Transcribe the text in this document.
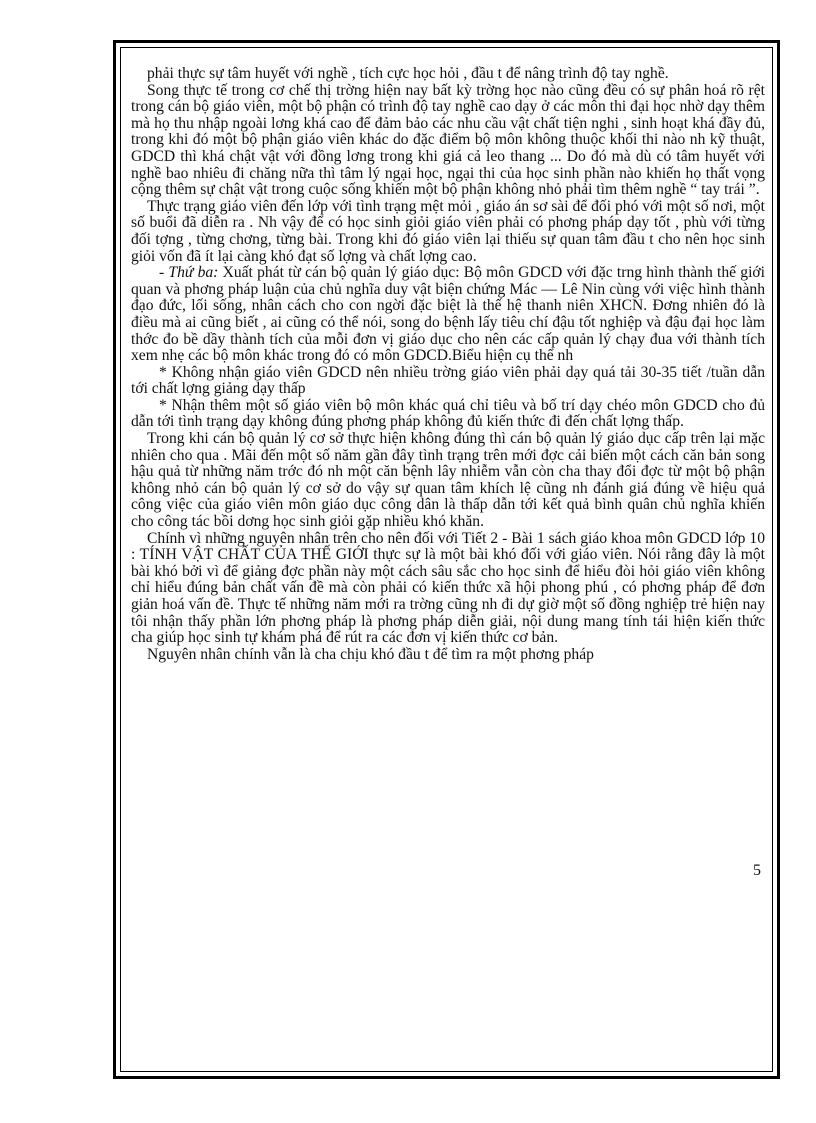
phải thực sự tâm huyết với nghề , tích cực học hỏi , đầu t để nâng trình độ tay nghề.

Song thực tế trong cơ chế thị trờng hiện nay bất kỳ trờng học nào cũng đều có sự phân hoá rõ rệt trong cán bộ giáo viên, một bộ phận có trình độ tay nghề cao dạy ở các môn thi đại học nhờ dạy thêm mà họ thu nhập ngoài lơng khá cao để đảm bảo các nhu cầu vật chất tiện nghi , sinh hoạt khá đầy đủ, trong khi đó một bộ phận giáo viên khác do đặc điểm bộ môn không thuộc khối thi nào nh kỹ thuật, GDCD thì khá chật vật với đồng lơng trong khi giá cả leo thang ... Do đó mà dù có tâm huyết với nghề bao nhiêu đi chăng nữa thì tâm lý ngại học, ngại thi của học sinh phần nào khiến họ thất vọng cộng thêm sự chật vật trong cuộc sống khiến một bộ phận không nhỏ phải tìm thêm nghề “ tay trái ”.

Thực trạng giáo viên đến lớp với tình trạng mệt mỏi , giáo án sơ sài để đối phó với một số nơi, một số buổi đã diễn ra . Nh vậy để có học sinh giỏi giáo viên phải có phơng pháp dạy tốt , phù với từng đối tợng , từng chơng, từng bài. Trong khi đó giáo viên lại thiếu sự quan tâm đầu t cho nên học sinh giỏi vốn đã ít lại càng khó đạt số lợng và chất lợng cao.

- Thứ ba: Xuất phát từ cán bộ quản lý giáo dục: Bộ môn GDCD với đặc trng hình thành thế giới quan và phơng pháp luận của chủ nghĩa duy vật biện chứng Mác — Lê Nin cùng với việc hình thành đạo đức, lối sống, nhân cách cho con ngời đặc biệt là thế hệ thanh niên XHCN. Đơng nhiên đó là điều mà ai cũng biết , ai cũng có thể nói, song do bệnh lấy tiêu chí đậu tốt nghiệp và đậu đại học làm thớc đo bề dầy thành tích của mỗi đơn vị giáo dục cho nên các cấp quản lý chạy đua với thành tích xem nhẹ các bộ môn khác trong đó có môn GDCD.Biểu hiện cụ thể nh

* Không nhận giáo viên GDCD nên nhiều trờng giáo viên phải dạy quá tải 30-35 tiết /tuần dẫn tới chất lợng giảng dạy thấp

* Nhận thêm một số giáo viên bộ môn khác quá chỉ tiêu và bố trí dạy chéo môn GDCD cho đủ dẫn tới tình trạng dạy không đúng phơng pháp không đủ kiến thức đi đến chất lợng thấp.

Trong khi cán bộ quản lý cơ sở thực hiện không đúng thì cán bộ quản lý giáo dục cấp trên lại mặc nhiên cho qua . Mãi đến một số năm gần đây tình trạng trên mới đợc cải biến một cách căn bản song hậu quả từ những năm trớc đó nh một căn bệnh lây nhiễm vẫn còn cha thay đổi đợc từ một bộ phận không nhỏ cán bộ quản lý cơ sở do vậy sự quan tâm khích lệ cũng nh đánh giá đúng về hiệu quả công việc của giáo viên môn giáo dục công dân là thấp dẫn tới kết quả bình quân chủ nghĩa khiến cho công tác bồi dơng học sinh giỏi gặp nhiều khó khăn.

Chính vì những nguyên nhân trên cho nên đối với Tiết 2 - Bài 1 sách giáo khoa môn GDCD lớp 10 : TÍNH VẬT CHẤT CỦA THẾ GIỚI thực sự là một bài khó đối với giáo viên. Nói rằng đây là một bài khó bởi vì để giảng đợc phần này một cách sâu sắc cho học sinh để hiểu đòi hỏi giáo viên không chỉ hiểu đúng bản chất vấn đề mà còn phải có kiến thức xã hội phong phú , có phơng pháp để đơn giản hoá vấn đề. Thực tế những năm mới ra trờng cũng nh đi dự giờ một số đồng nghiệp trẻ hiện nay tôi nhận thấy phần lớn phơng pháp là phơng pháp diễn giải, nội dung mang tính tái hiện kiến thức cha giúp học sinh tự khám phá để rút ra các đơn vị kiến thức cơ bản.

Nguyên nhân chính vẫn là cha chịu khó đầu t để tìm ra một phơng pháp

5
